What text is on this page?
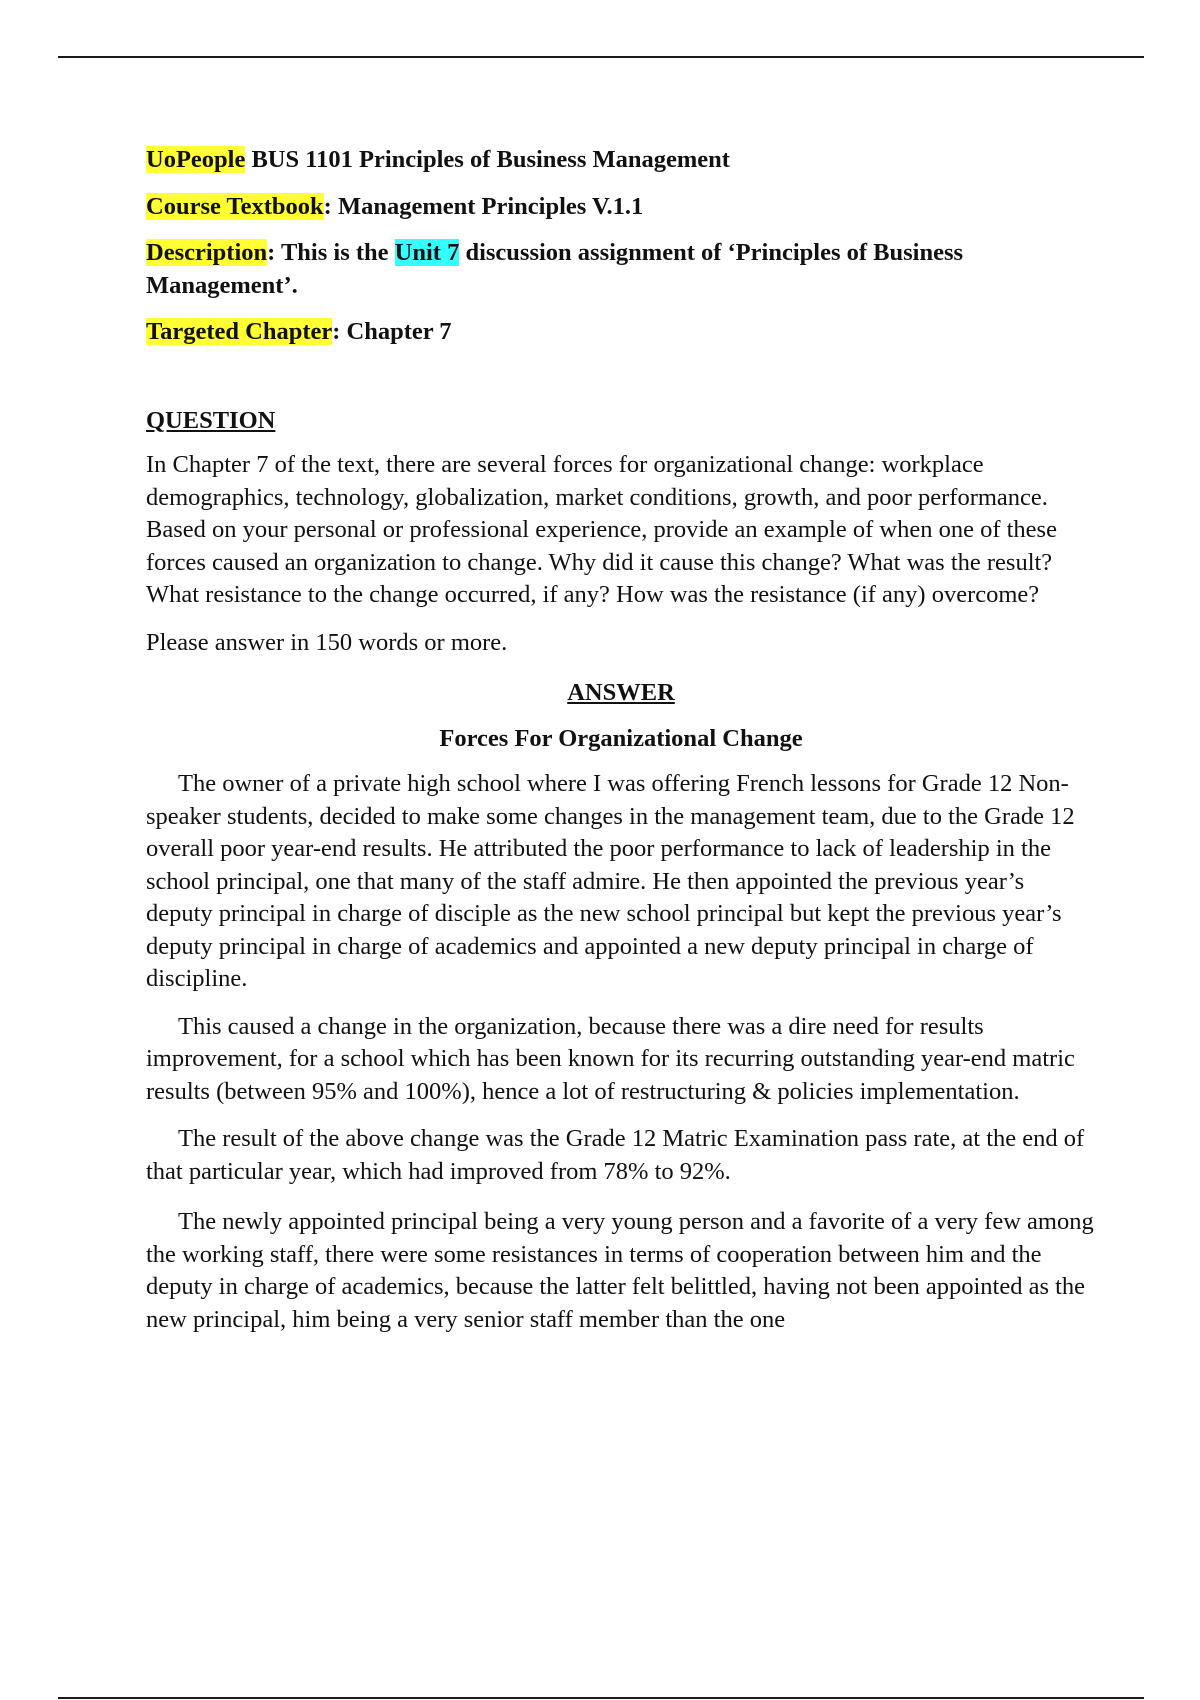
UoPeople BUS 1101 Principles of Business Management

Course Textbook: Management Principles V.1.1

Description: This is the Unit 7 discussion assignment of ‘Principles of Business Management’.

Targeted Chapter: Chapter 7

QUESTION

In Chapter 7 of the text, there are several forces for organizational change: workplace demographics, technology, globalization, market conditions, growth, and poor performance. Based on your personal or professional experience, provide an example of when one of these forces caused an organization to change. Why did it cause this change? What was the result? What resistance to the change occurred, if any? How was the resistance (if any) overcome?

Please answer in 150 words or more.

ANSWER

Forces For Organizational Change

The owner of a private high school where I was offering French lessons for Grade 12 Non-speaker students, decided to make some changes in the management team, due to the Grade 12 overall poor year-end results. He attributed the poor performance to lack of leadership in the school principal, one that many of the staff admire. He then appointed the previous year’s deputy principal in charge of disciple as the new school principal but kept the previous year’s deputy principal in charge of academics and appointed a new deputy principal in charge of discipline.

This caused a change in the organization, because there was a dire need for results improvement, for a school which has been known for its recurring outstanding year-end matric results (between 95% and 100%), hence a lot of restructuring & policies implementation.

The result of the above change was the Grade 12 Matric Examination pass rate, at the end of that particular year, which had improved from 78% to 92%.

The newly appointed principal being a very young person and a favorite of a very few among the working staff, there were some resistances in terms of cooperation between him and the deputy in charge of academics, because the latter felt belittled, having not been appointed as the new principal, him being a very senior staff member than the one
